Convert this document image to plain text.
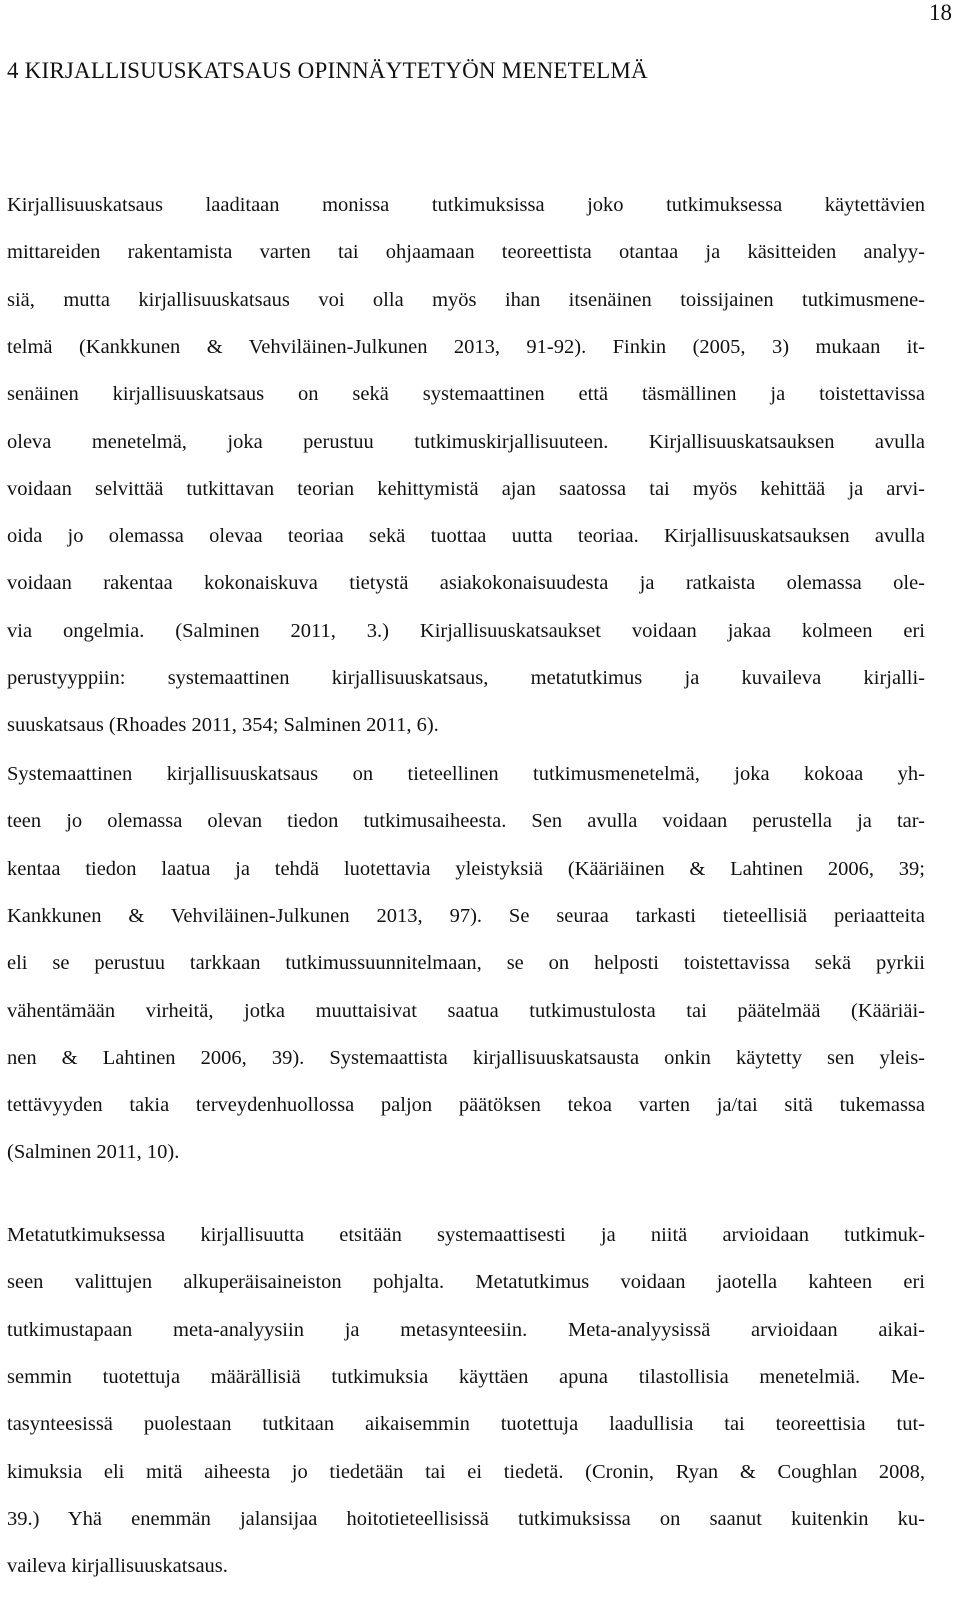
18
4 KIRJALLISUUSKATSAUS OPINNÄYTETYÖN MENETELMÄ
Kirjallisuuskatsaus laaditaan monissa tutkimuksissa joko tutkimuksessa käytettävien
mittareiden rakentamista varten tai ohjaamaan teoreettista otantaa ja käsitteiden analyy-
siä, mutta kirjallisuuskatsaus voi olla myös ihan itsenäinen toissijainen tutkimusmene-
telmä (Kankkunen & Vehviläinen-Julkunen 2013, 91-92). Finkin (2005, 3) mukaan it-
senäinen kirjallisuuskatsaus on sekä systemaattinen että täsmällinen ja toistettavissa
oleva menetelmä, joka perustuu tutkimuskirjallisuuteen. Kirjallisuuskatsauksen avulla
voidaan selvittää tutkittavan teorian kehittymistä ajan saatossa tai myös kehittää ja arvi-
oida jo olemassa olevaa teoriaa sekä tuottaa uutta teoriaa. Kirjallisuuskatsauksen avulla
voidaan rakentaa kokonaiskuva tietystä asiakokonaisuudesta ja ratkaista olemassa ole-
via ongelmia. (Salminen 2011, 3.) Kirjallisuuskatsaukset voidaan jakaa kolmeen eri
perustyyppiin: systemaattinen kirjallisuuskatsaus, metatutkimus ja kuvaileva kirjalli-
suuskatsaus (Rhoades 2011, 354; Salminen 2011, 6).
Systemaattinen kirjallisuuskatsaus on tieteellinen tutkimusmenetelmä, joka kokoaa yh-
teen jo olemassa olevan tiedon tutkimusaiheesta. Sen avulla voidaan perustella ja tar-
kentaa tiedon laatua ja tehdä luotettavia yleistyksiä (Kääriäinen & Lahtinen 2006, 39;
Kankkunen & Vehviläinen-Julkunen 2013, 97). Se seuraa tarkasti tieteellisiä periaatteita
eli se perustuu tarkkaan tutkimussuunnitelmaan, se on helposti toistettavissa sekä pyrkii
vähentämään virheitä, jotka muuttaisivat saatua tutkimustulosta tai päätelmää (Kääriäi-
nen & Lahtinen 2006, 39). Systemaattista kirjallisuuskatsausta onkin käytetty sen yleis-
tettävyyden takia terveydenhuollossa paljon päätöksen tekoa varten ja/tai sitä tukemassa
(Salminen 2011, 10).
Metatutkimuksessa kirjallisuutta etsitään systemaattisesti ja niitä arvioidaan tutkimuk-
seen valittujen alkuperäisaineiston pohjalta. Metatutkimus voidaan jaotella kahteen eri
tutkimustapaan meta-analyysiin ja metasynteesiin. Meta-analyysissä arvioidaan aikai-
semmin tuotettuja määrällisiä tutkimuksia käyttäen apuna tilastollisia menetelmiä. Me-
tasynteesissä puolestaan tutkitaan aikaisemmin tuotettuja laadullisia tai teoreettisia tut-
kimuksia eli mitä aiheesta jo tiedetään tai ei tiedetä. (Cronin, Ryan & Coughlan 2008,
39.) Yhä enemmän jalansijaa hoitotieteellisissä tutkimuksissa on saanut kuitenkin ku-
vaileva kirjallisuuskatsaus.
